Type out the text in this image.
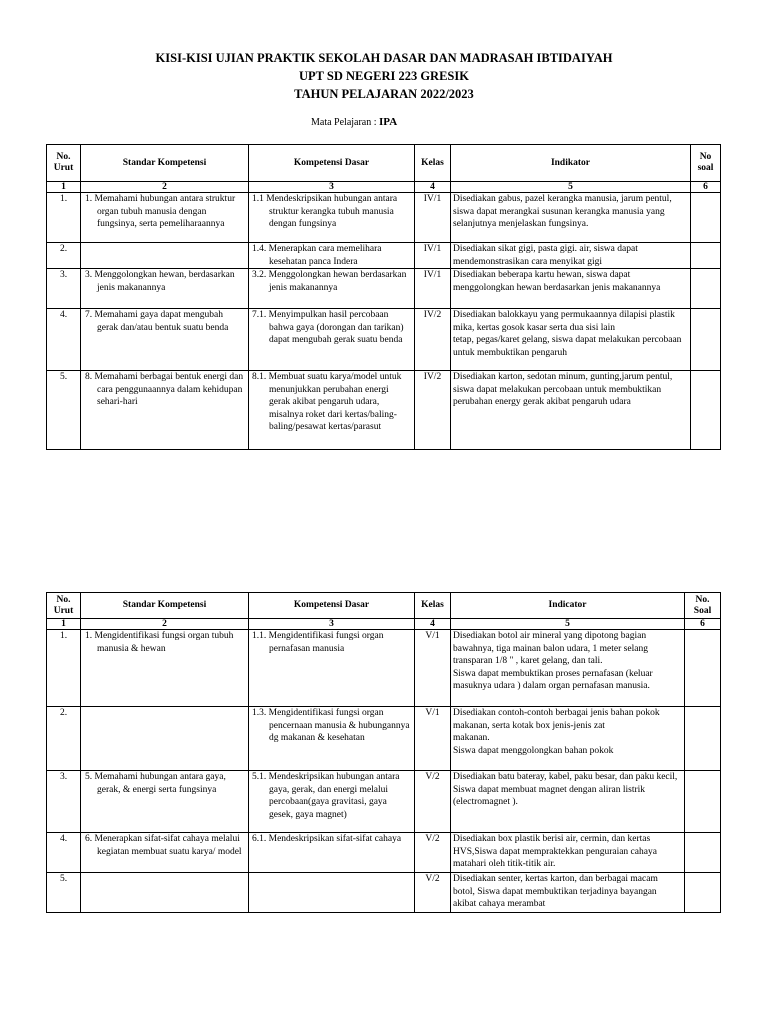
KISI-KISI UJIAN PRAKTIK SEKOLAH DASAR DAN MADRASAH IBTIDAIYAH
UPT SD NEGERI 223 GRESIK
TAHUN PELAJARAN 2022/2023
Mata Pelajaran : IPA
No. Urut	Standar Kompetensi	Kompetensi Dasar	Kelas	Indikator	No soal
1	2	3	4	5	6
1.	1. Memahami hubungan antara struktur organ tubuh manusia dengan fungsinya, serta pemeliharaannya	1.1 Mendeskripsikan hubungan antara struktur kerangka tubuh manusia dengan fungsinya	IV/1	Disediakan gabus, pazel kerangka manusia, jarum pentul, siswa dapat merangkai susunan kerangka manusia yang selanjutnya menjelaskan fungsinya.	

2.		1.4. Menerapkan cara memelihara kesehatan panca Indera	IV/1	Disediakan sikat gigi, pasta gigi. air, siswa dapat mendemonstrasikan cara menyikat gigi	

3.	3. Menggolongkan hewan, berdasarkan jenis makanannya	3.2. Menggolongkan hewan berdasarkan jenis makanannya	IV/1	Disediakan beberapa kartu hewan, siswa dapat menggolongkan hewan berdasarkan jenis makanannya	

4.	7. Memahami gaya dapat mengubah gerak dan/atau bentuk suatu benda	7.1. Menyimpulkan hasil percobaan bahwa gaya (dorongan dan tarikan) dapat mengubah gerak suatu benda	IV/2	Disediakan balokkayu yang permukaannya dilapisi plastik mika, kertas gosok kasar serta dua sisi lain
tetap, pegas/karet gelang, siswa dapat melakukan percobaan untuk membuktikan pengaruh	

5.	8. Memahami berbagai bentuk energi dan cara penggunaannya dalam kehidupan sehari-hari	8.1. Membuat suatu karya/model untuk menunjukkan perubahan energi gerak akibat pengaruh udara, misalnya roket dari kertas/baling-baling/pesawat kertas/parasut	IV/2	Disediakan karton, sedotan minum, gunting,jarum pentul, siswa dapat melakukan percobaan untuk membuktikan perubahan energy gerak akibat pengaruh udara	

No. Urut	Standar Kompetensi	Kompetensi Dasar	Kelas	Indicator	No. Soal
1	2	3	4	5	6
1.	1. Mengidentifikasi fungsi organ tubuh manusia & hewan	1.1. Mengidentifikasi fungsi organ pernafasan manusia	V/1	Disediakan botol air mineral yang dipotong bagian bawahnya, tiga mainan balon udara, 1 meter selang transparan 1/8 " , karet gelang, dan tali.
Siswa dapat membuktikan proses pernafasan (keluar masuknya udara ) dalam organ pernafasan manusia.	

2.		1.3. Mengidentifikasi fungsi organ pencernaan manusia & hubungannya dg makanan & kesehatan	V/1	Disediakan contoh-contoh berbagai jenis bahan pokok makanan, serta kotak box jenis-jenis zat
makanan.
Siswa dapat menggolongkan bahan pokok	

3.	5. Memahami hubungan antara gaya, gerak, & energi serta fungsinya	5.1. Mendeskripsikan hubungan antara gaya, gerak, dan energi melalui percobaan(gaya gravitasi, gaya gesek, gaya magnet)	V/2	Disediakan batu bateray, kabel, paku besar, dan paku kecil, Siswa dapat membuat magnet dengan aliran listrik (electromagnet ).	

4.	6. Menerapkan sifat-sifat cahaya melalui kegiatan membuat suatu karya/ model	6.1. Mendeskripsikan sifat-sifat cahaya	V/2	Disediakan box plastik berisi air, cermin, dan kertas HVS,Siswa dapat mempraktekkan penguraian cahaya matahari oleh titik-titik air.	

5.			V/2	Disediakan senter, kertas karton, dan berbagai macam botol, Siswa dapat membuktikan terjadinya bayangan akibat cahaya merambat	
